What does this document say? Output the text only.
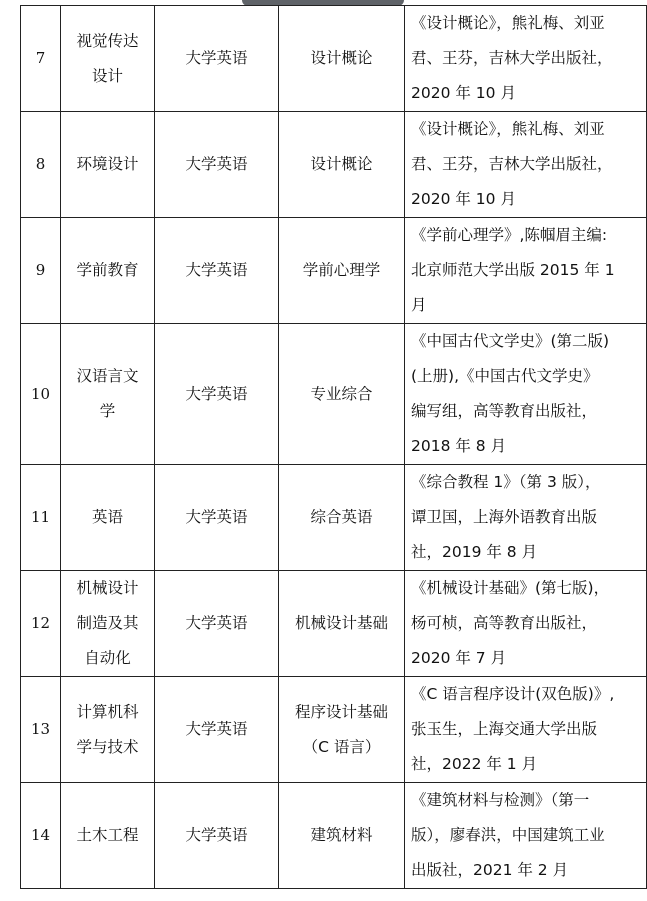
7	视觉传达
设计	大学英语	设计概论	《设计概论》，熊礼梅、刘亚
君、王芬，吉林大学出版社，
2020 年 10 月

8	环境设计	大学英语	设计概论	《设计概论》，熊礼梅、刘亚
君、王芬，吉林大学出版社，
2020 年 10 月

9	学前教育	大学英语	学前心理学	《学前心理学》,陈帼眉主编:
北京师范大学出版 2015 年 1
月

10	汉语言文
学	大学英语	专业综合	《中国古代文学史》(第二版)
(上册),《中国古代文学史》
编写组，高等教育出版社，
2018 年 8 月

11	英语	大学英语	综合英语	《综合教程 1》（第 3 版），
谭卫国，上海外语教育出版
社，2019 年 8 月

12	机械设计
制造及其
自动化	大学英语	机械设计基础	《机械设计基础》(第七版)，
杨可桢，高等教育出版社，
2020 年 7 月

13	计算机科
学与技术	大学英语	程序设计基础
（C 语言）	《C 语言程序设计(双色版)》,
张玉生，上海交通大学出版
社，2022 年 1 月

14	土木工程	大学英语	建筑材料	《建筑材料与检测》（第一
版），廖春洪，中国建筑工业
出版社，2021 年 2 月
